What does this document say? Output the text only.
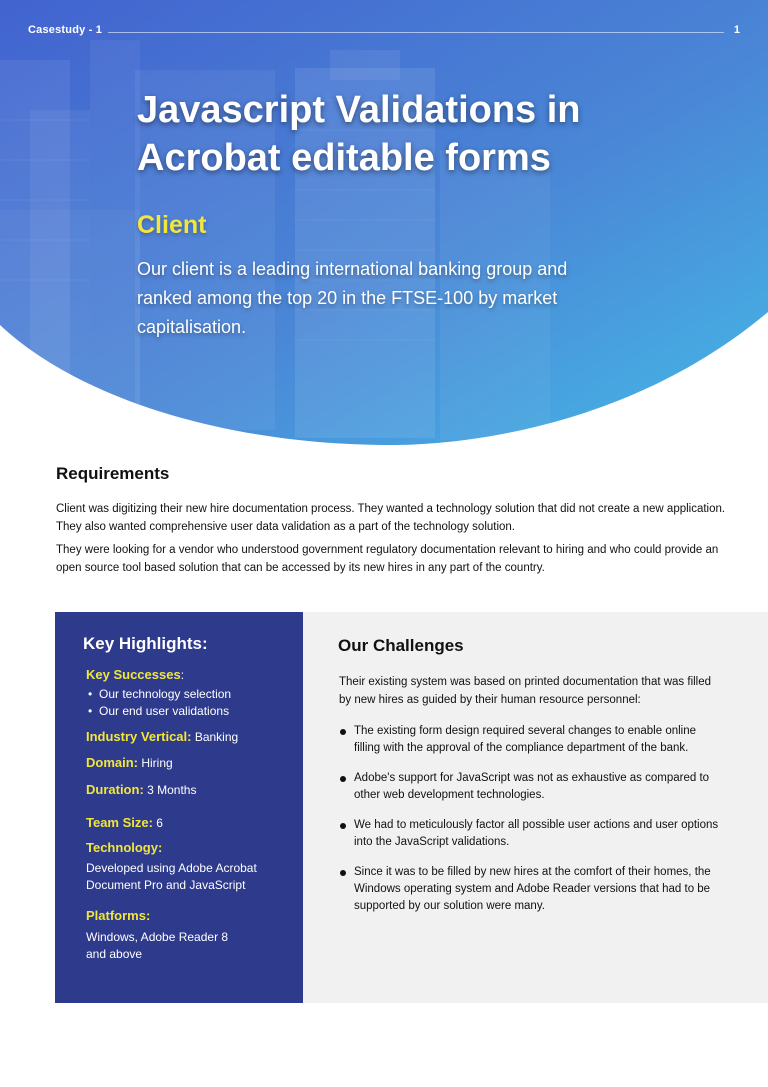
Casestudy - 1	1
Javascript Validations in Acrobat editable forms
Client

Our client is a leading international banking group and ranked among the top 20 in the FTSE-100 by market capitalisation.

Requirements

Client was digitizing their new hire documentation process. They wanted a technology solution that did not create a new application. They also wanted comprehensive user data validation as a part of the technology solution.

They were looking for a vendor who understood government regulatory documentation relevant to hiring and who could provide an open source tool based solution that can be accessed by its new hires in any part of the country.

Key Highlights:
Key Successes:
• Our technology selection
• Our end user validations
Industry Vertical: Banking
Domain: Hiring
Duration: 3 Months
Team Size: 6
Technology:

Developed using Adobe Acrobat Document Pro and JavaScript

Platforms:

Windows, Adobe Reader 8 and above

Our Challenges

Their existing system was based on printed documentation that was filled by new hires as guided by their human resource personnel:

The existing form design required several changes to enable online filling with the approval of the compliance department of the bank.
Adobe's support for JavaScript was not as exhaustive as compared to other web development technologies.
We had to meticulously factor all possible user actions and user options into the JavaScript validations.
Since it was to be filled by new hires at the comfort of their homes, the Windows operating system and Adobe Reader versions that had to be supported by our solution were many.
